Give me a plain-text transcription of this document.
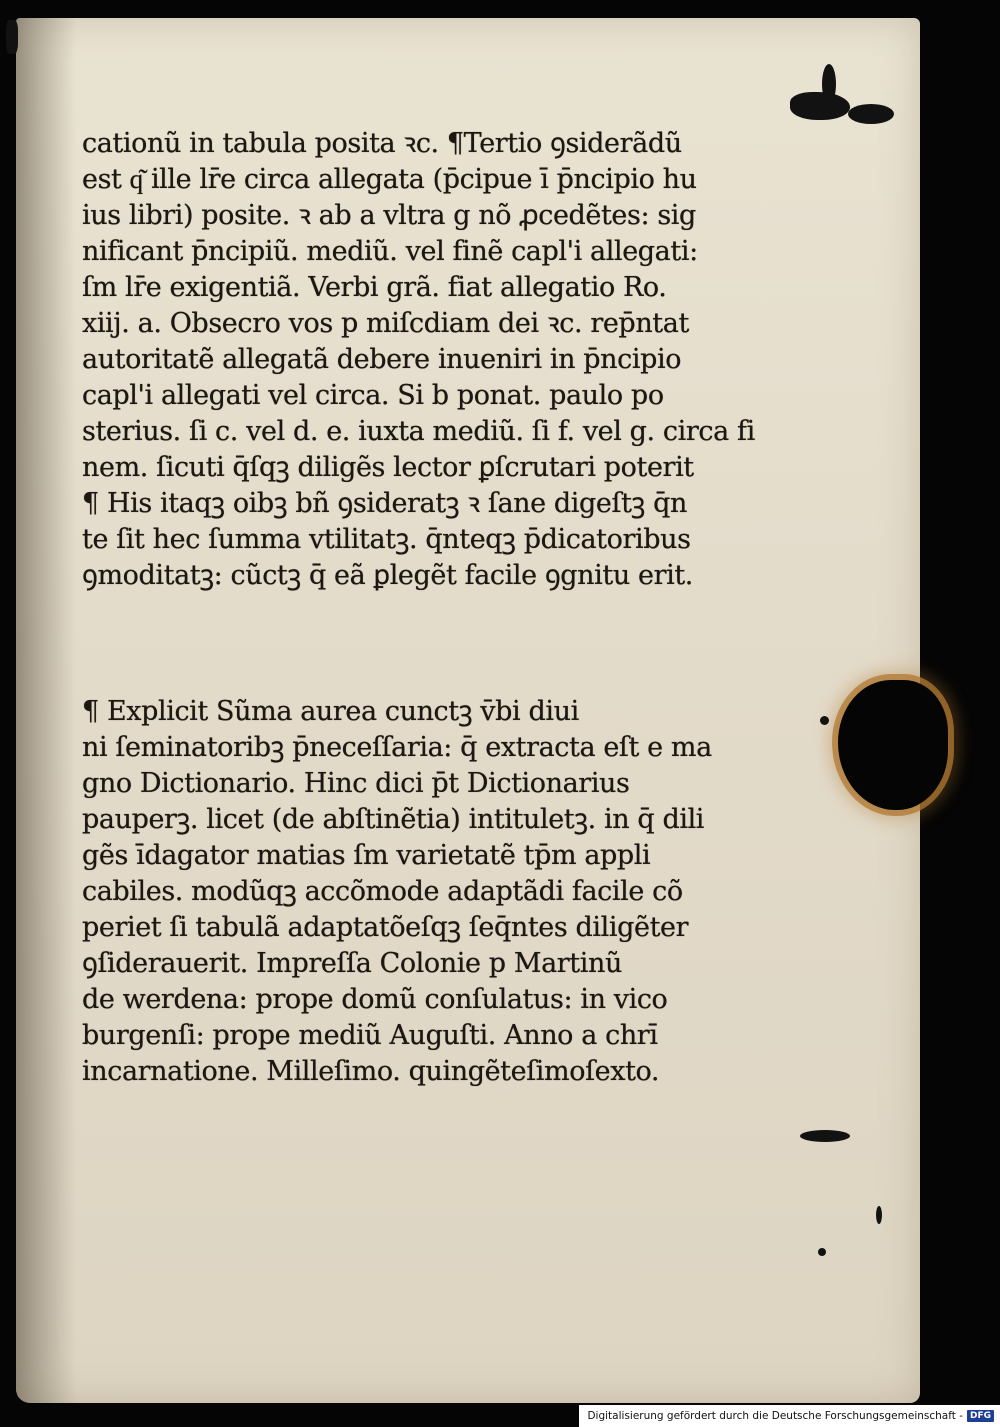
cationũ in tabula posita ꝛc. ¶Tertio ꝯsiderãdũ
est q͂ ille lr̄e circa allegata (p̄cipue ī p̄ncipio hu
ius libri) posite. ꝛ ab a vltra g nõ ꝓcedẽtes: sig
nificant p̄ncipiũ. mediũ. vel finẽ capl'i allegati:
ſm lr̄e exigentiã. Verbi grã. fiat allegatio Ro.
xiij. a. Obsecro vos p miſcdiam dei ꝛc. rep̄ntat
autoritatẽ allegatã debere inueniri in p̄ncipio
capl'i allegati vel circa. Si b ponat. paulo po
sterius. ſi c. vel d. e. iuxta mediũ. ſi f. vel g. circa fi
nem. ſicuti q̄ſqꝫ diligẽs lector ꝑſcrutari poterit
¶ His itaqꝫ oibꝫ bñ ꝯsideratꝫ ꝛ ſane digeſtꝫ q̄n
te ſit hec ſumma vtilitatꝫ. q̄nteqꝫ p̄dicatoribus
ꝯmoditatꝫ: cũctꝫ q̄ eã ꝑlegẽt facile ꝯgnitu erit.
¶ Explicit Sũma aurea cunctꝫ v̄bi diui
ni ſeminatoribꝫ p̄neceſſaria: q̄ extracta eſt e ma
gno Dictionario. Hinc dici p̄t Dictionarius
pauperꝫ. licet (de abſtinẽtia) intituletꝫ. in q̄ dili
gẽs īdagator matias ſm varietatẽ tp̄m appli
cabiles. modũqꝫ accõmode adaptãdi facile cõ
periet ſi tabulã adaptatõeſqꝫ ſeq̄ntes diligẽter
ꝯſiderauerit. Impreſſa Colonie p Martinũ
de werdena: prope domũ conſulatus: in vico
burgenſi: prope mediũ Auguſti. Anno a chrī
incarnatione. Milleſimo. quingẽteſimoſexto.
Digitalisierung gefördert durch die Deutsche Forschungsgemeinschaft - DFG
